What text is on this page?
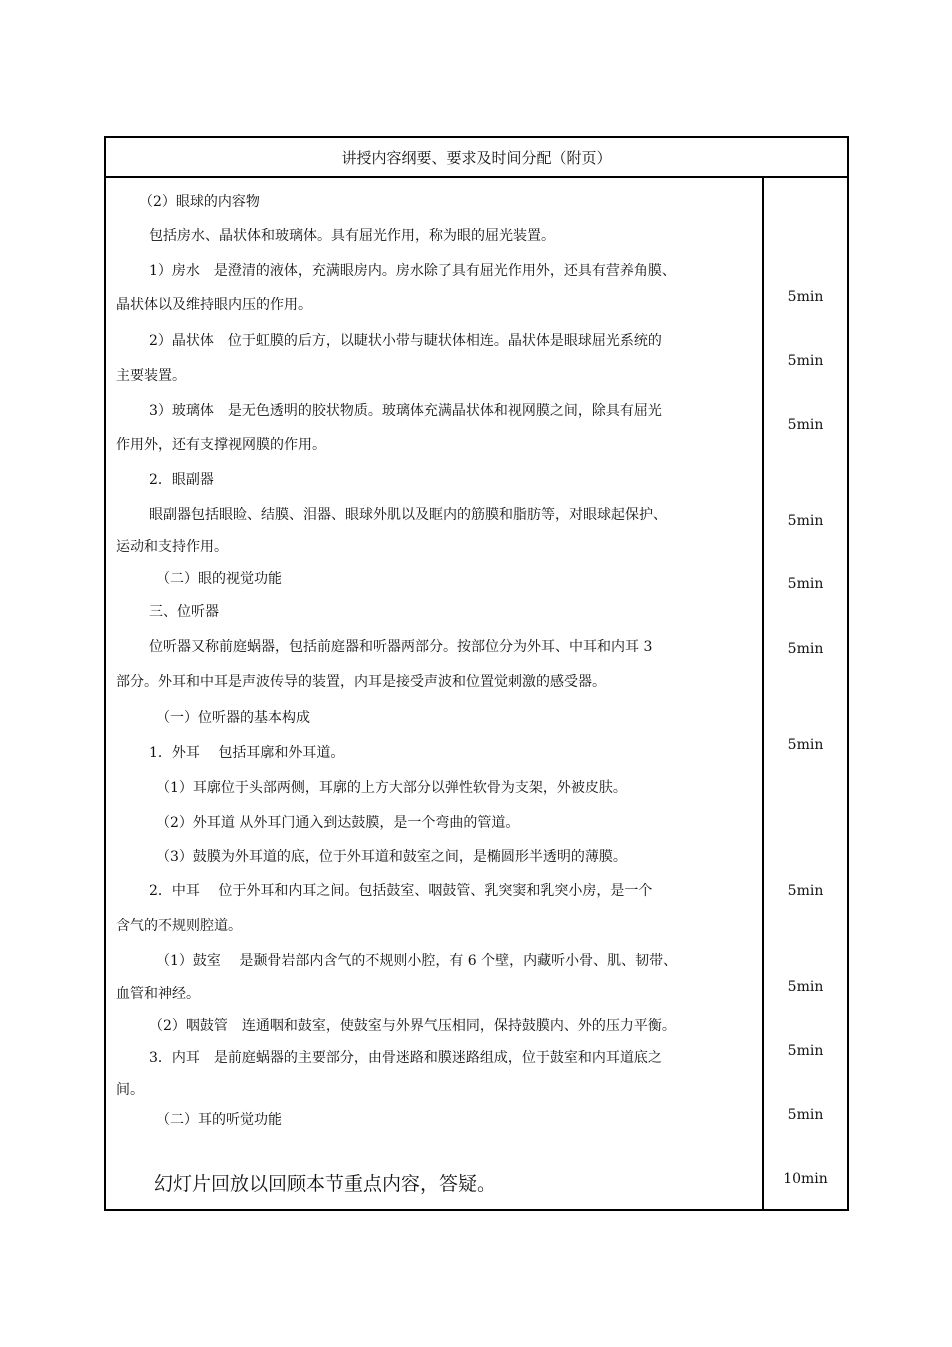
讲授内容纲要、要求及时间分配（附页）
（2）眼球的内容物
包括房水、晶状体和玻璃体。具有屈光作用，称为眼的屈光装置。
1）房水　是澄清的液体，充满眼房内。房水除了具有屈光作用外，还具有营养角膜、
晶状体以及维持眼内压的作用。
2）晶状体　位于虹膜的后方，以睫状小带与睫状体相连。晶状体是眼球屈光系统的
主要装置。
3）玻璃体　是无色透明的胶状物质。玻璃体充满晶状体和视网膜之间，除具有屈光
作用外，还有支撑视网膜的作用。
2．眼副器
眼副器包括眼睑、结膜、泪器、眼球外肌以及眶内的筋膜和脂肪等，对眼球起保护、
运动和支持作用。
（二）眼的视觉功能
三、位听器
位听器又称前庭蜗器，包括前庭器和听器两部分。按部位分为外耳、中耳和内耳 3
部分。外耳和中耳是声波传导的装置，内耳是接受声波和位置觉刺激的感受器。
（一）位听器的基本构成
1．外耳　 包括耳廓和外耳道。
（1）耳廓位于头部两侧，耳廓的上方大部分以弹性软骨为支架，外被皮肤。
（2）外耳道 从外耳门通入到达鼓膜，是一个弯曲的管道。
（3）鼓膜为外耳道的底，位于外耳道和鼓室之间，是椭圆形半透明的薄膜。
2．中耳　 位于外耳和内耳之间。包括鼓室、咽鼓管、乳突窦和乳突小房，是一个
含气的不规则腔道。
（1）鼓室　 是颞骨岩部内含气的不规则小腔，有 6 个壁，内藏听小骨、肌、韧带、
血管和神经。
（2）咽鼓管　连通咽和鼓室，使鼓室与外界气压相同，保持鼓膜内、外的压力平衡。
3．内耳　是前庭蜗器的主要部分，由骨迷路和膜迷路组成，位于鼓室和内耳道底之
间。
（二）耳的听觉功能
幻灯片回放以回顾本节重点内容，答疑。
5min
5min
5min
5min
5min
5min
5min
5min
5min
5min
5min
10min
